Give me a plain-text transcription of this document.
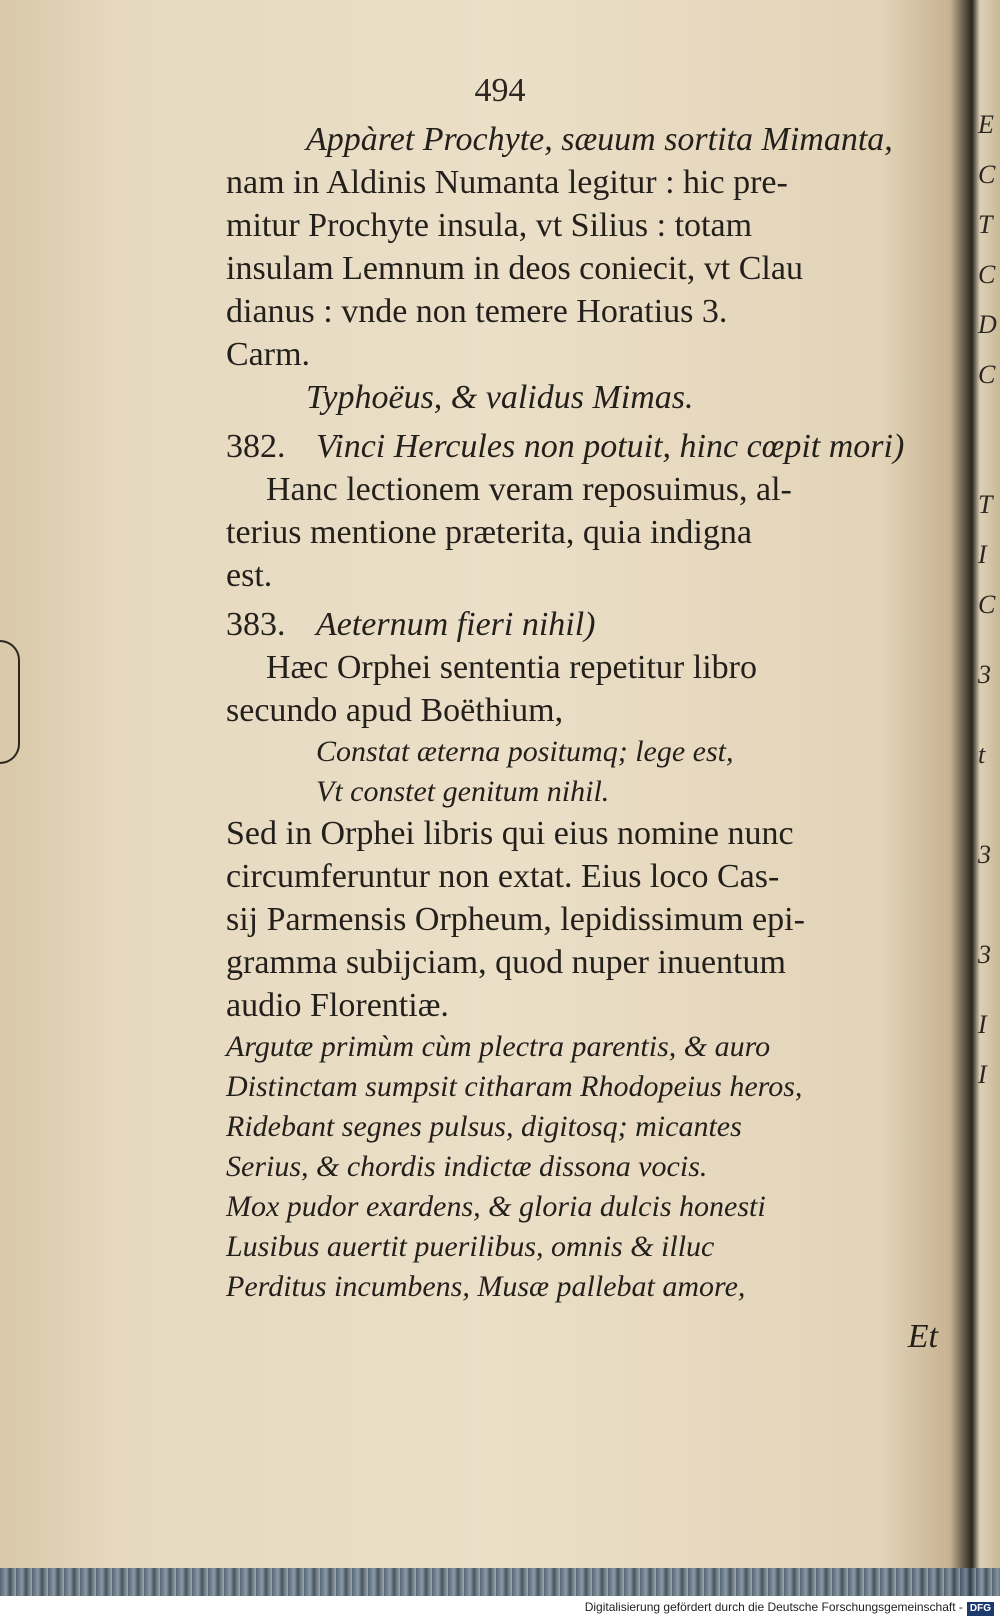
E
C
T
C
D
C
T
I
C
3
t
3
3
I
I
494
Appàret Prochyte, sæuum sortita Mimanta,
nam in Aldinis Numanta legitur : hic pre-
mitur Prochyte insula, vt Silius : totam
insulam Lemnum in deos coniecit, vt Clau
dianus : vnde non temere Horatius 3.
Carm.
Typhoëus, & validus Mimas.
382. Vinci Hercules non potuit, hinc cœpit mori)
Hanc lectionem veram reposuimus, al-
terius mentione præterita, quia indigna
est.
383. Aeternum fieri nihil)
Hæc Orphei sententia repetitur libro
secundo apud Boëthium,
Constat æterna positumq; lege est,
Vt constet genitum nihil.
Sed in Orphei libris qui eius nomine nunc
circumferuntur non extat. Eius loco Cas-
sij Parmensis Orpheum, lepidissimum epi-
gramma subijciam, quod nuper inuentum
audio Florentiæ.
Argutæ primùm cùm plectra parentis, & auro
Distinctam sumpsit citharam Rhodopeius heros,
Ridebant segnes pulsus, digitosq; micantes
Serius, & chordis indictæ dissona vocis.
Mox pudor exardens, & gloria dulcis honesti
Lusibus auertit puerilibus, omnis & illuc
Perditus incumbens, Musæ pallebat amore,
Et
Digitalisierung gefördert durch die Deutsche Forschungsgemeinschaft - DFG
